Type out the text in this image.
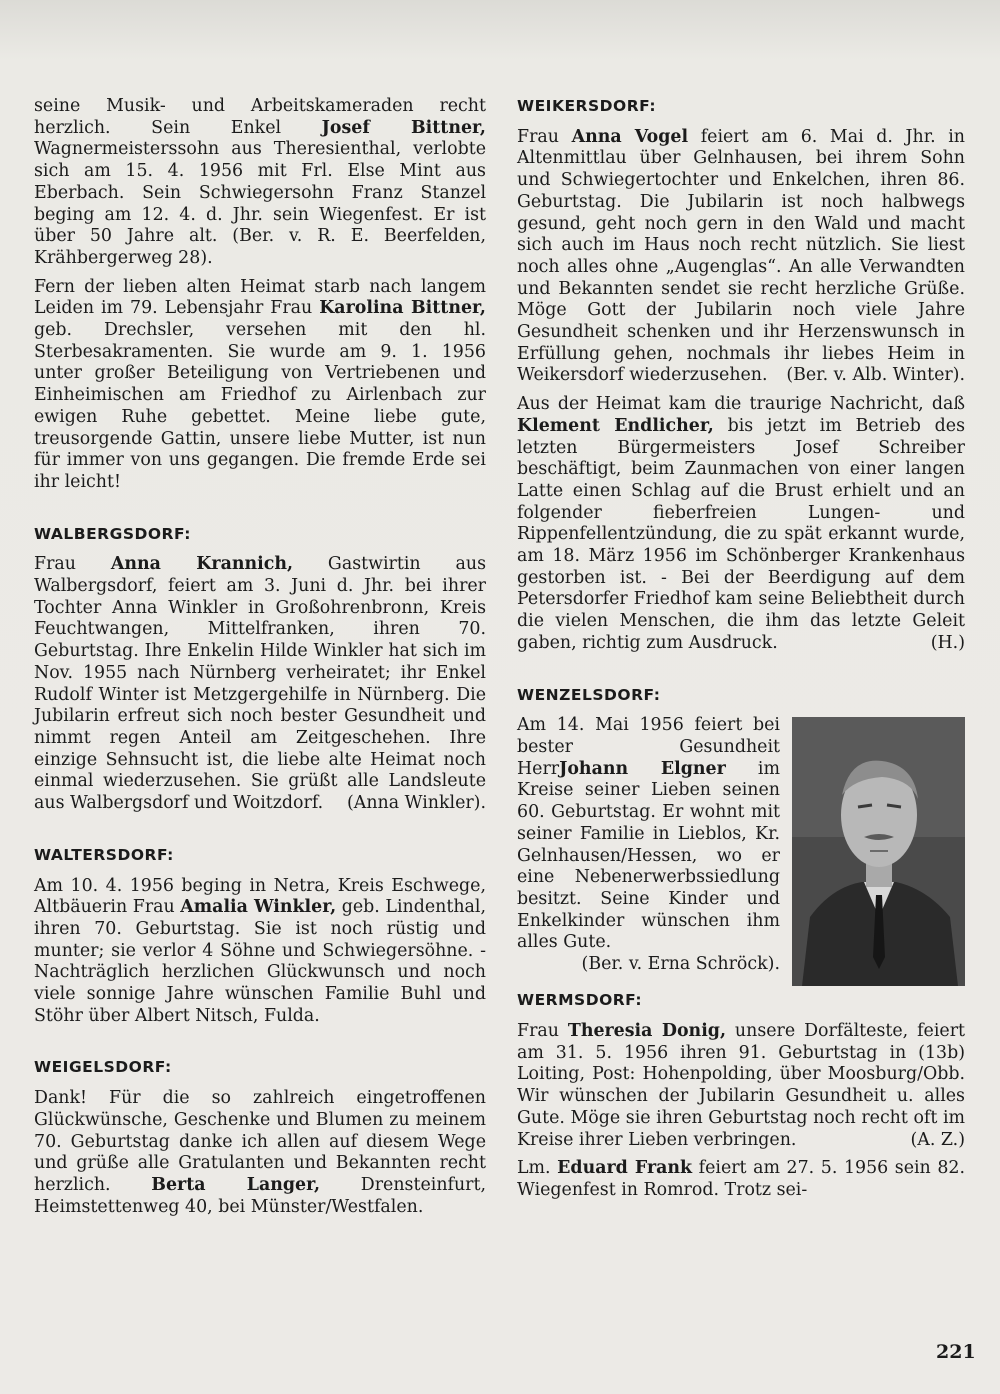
seine Musik- und Arbeitskameraden recht herzlich. Sein Enkel Josef Bittner, Wagnermeisterssohn aus Theresienthal, verlobte sich am 15. 4. 1956 mit Frl. Else Mint aus Eberbach. Sein Schwiegersohn Franz Stanzel beging am 12. 4. d. Jhr. sein Wiegenfest. Er ist über 50 Jahre alt. (Ber. v. R. E. Beerfelden, Krähbergerweg 28).

Fern der lieben alten Heimat starb nach langem Leiden im 79. Lebensjahr Frau Karolina Bittner, geb. Drechsler, versehen mit den hl. Sterbesakramenten. Sie wurde am 9. 1. 1956 unter großer Beteiligung von Vertriebenen und Einheimischen am Friedhof zu Airlenbach zur ewigen Ruhe gebettet. Meine liebe gute, treusorgende Gattin, unsere liebe Mutter, ist nun für immer von uns gegangen. Die fremde Erde sei ihr leicht!

WALBERGSDORF:

Frau Anna Krannich, Gastwirtin aus Walbergsdorf, feiert am 3. Juni d. Jhr. bei ihrer Tochter Anna Winkler in Großohrenbronn, Kreis Feuchtwangen, Mittelfranken, ihren 70. Geburtstag. Ihre Enkelin Hilde Winkler hat sich im Nov. 1955 nach Nürnberg verheiratet; ihr Enkel Rudolf Winter ist Metzgergehilfe in Nürnberg. Die Jubilarin erfreut sich noch bester Gesundheit und nimmt regen Anteil am Zeitgeschehen. Ihre einzige Sehnsucht ist, die liebe alte Heimat noch einmal wiederzusehen. Sie grüßt alle Landsleute aus Walbergsdorf und Woitzdorf. (Anna Winkler).

WALTERSDORF:

Am 10. 4. 1956 beging in Netra, Kreis Eschwege, Altbäuerin Frau Amalia Winkler, geb. Lindenthal, ihren 70. Geburtstag. Sie ist noch rüstig und munter; sie verlor 4 Söhne und Schwiegersöhne. - Nachträglich herzlichen Glückwunsch und noch viele sonnige Jahre wünschen Familie Buhl und Stöhr über Albert Nitsch, Fulda.

WEIGELSDORF:

Dank! Für die so zahlreich eingetroffenen Glückwünsche, Geschenke und Blumen zu meinem 70. Geburtstag danke ich allen auf diesem Wege und grüße alle Gratulanten und Bekannten recht herzlich. Berta Langer, Drensteinfurt, Heimstettenweg 40, bei Münster/Westfalen.

WEIKERSDORF:

Frau Anna Vogel feiert am 6. Mai d. Jhr. in Altenmittlau über Gelnhausen, bei ihrem Sohn und Schwiegertochter und Enkelchen, ihren 86. Geburtstag. Die Jubilarin ist noch halbwegs gesund, geht noch gern in den Wald und macht sich auch im Haus noch recht nützlich. Sie liest noch alles ohne „Augenglas“. An alle Verwandten und Bekannten sendet sie recht herzliche Grüße. Möge Gott der Jubilarin noch viele Jahre Gesundheit schenken und ihr Herzenswunsch in Erfüllung gehen, nochmals ihr liebes Heim in Weikersdorf wiederzusehen. (Ber. v. Alb. Winter).

Aus der Heimat kam die traurige Nachricht, daß Klement Endlicher, bis jetzt im Betrieb des letzten Bürgermeisters Josef Schreiber beschäftigt, beim Zaunmachen von einer langen Latte einen Schlag auf die Brust erhielt und an folgender fieberfreien Lungen- und Rippenfellentzündung, die zu spät erkannt wurde, am 18. März 1956 im Schönberger Krankenhaus gestorben ist. - Bei der Beerdigung auf dem Petersdorfer Friedhof kam seine Beliebtheit durch die vielen Menschen, die ihm das letzte Geleit gaben, richtig zum Ausdruck.	(H.)

WENZELSDORF:

Am 14. Mai 1956 feiert bei bester Gesundheit HerrJohann Elgner im Kreise seiner Lieben seinen 60. Geburtstag. Er wohnt mit seiner Familie in Lieblos, Kr. Gelnhausen/Hessen, wo er eine Nebenerwerbssiedlung besitzt. Seine Kinder und Enkelkinder wünschen ihm alles Gute.
(Ber. v. Erna Schröck).

WERMSDORF:

Frau Theresia Donig, unsere Dorfälteste, feiert am 31. 5. 1956 ihren 91. Geburtstag in (13b) Loiting, Post: Hohenpolding, über Moosburg/Obb. Wir wünschen der Jubilarin Gesundheit u. alles Gute. Möge sie ihren Geburtstag noch recht oft im Kreise ihrer Lieben verbringen.	(A. Z.)

Lm. Eduard Frank feiert am 27. 5. 1956 sein 82. Wiegenfest in Romrod. Trotz sei-

221
